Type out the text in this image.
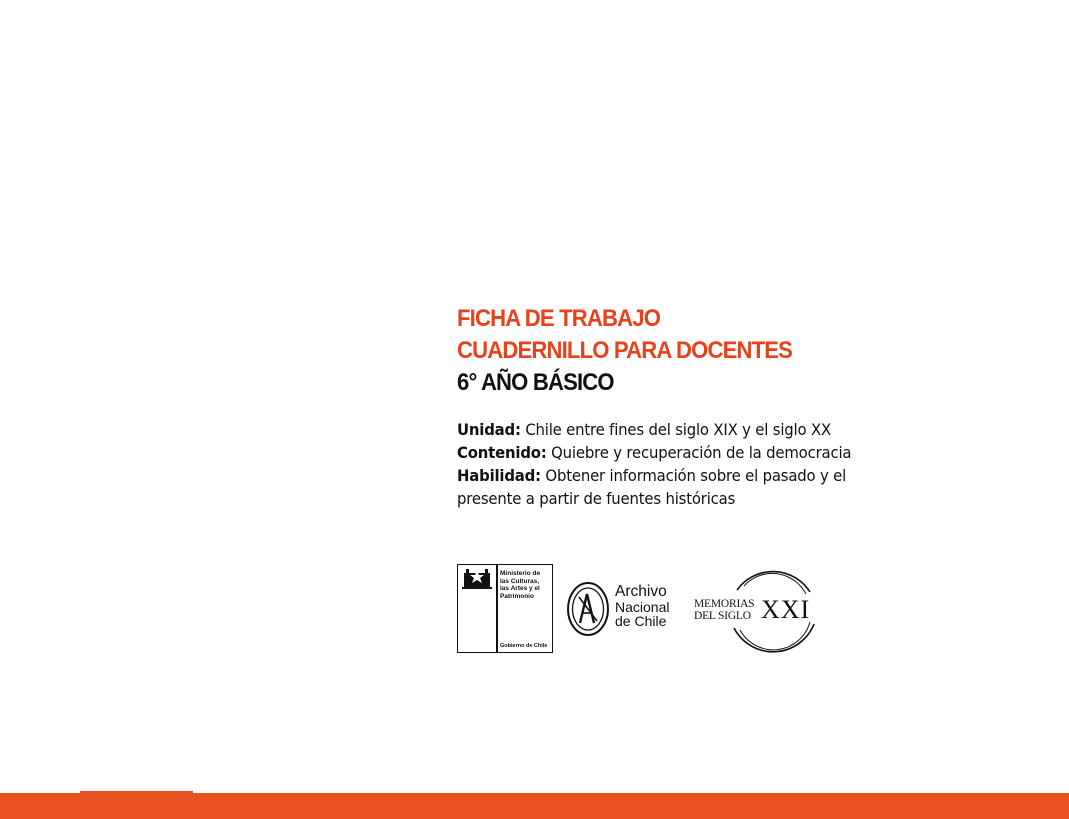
FICHA DE TRABAJO
CUADERNILLO PARA DOCENTES
6° AÑO BÁSICO
Unidad: Chile entre fines del siglo XIX y el siglo XX
Contenido: Quiebre y recuperación de la democracia
Habilidad: Obtener información sobre el pasado y el
presente a partir de fuentes históricas
Ministerio de
las Culturas,
las Artes y el
Patrimonio
Gobierno de Chile
Archivo
Nacional
de Chile
MEMORIAS
DEL SIGLO XXI
